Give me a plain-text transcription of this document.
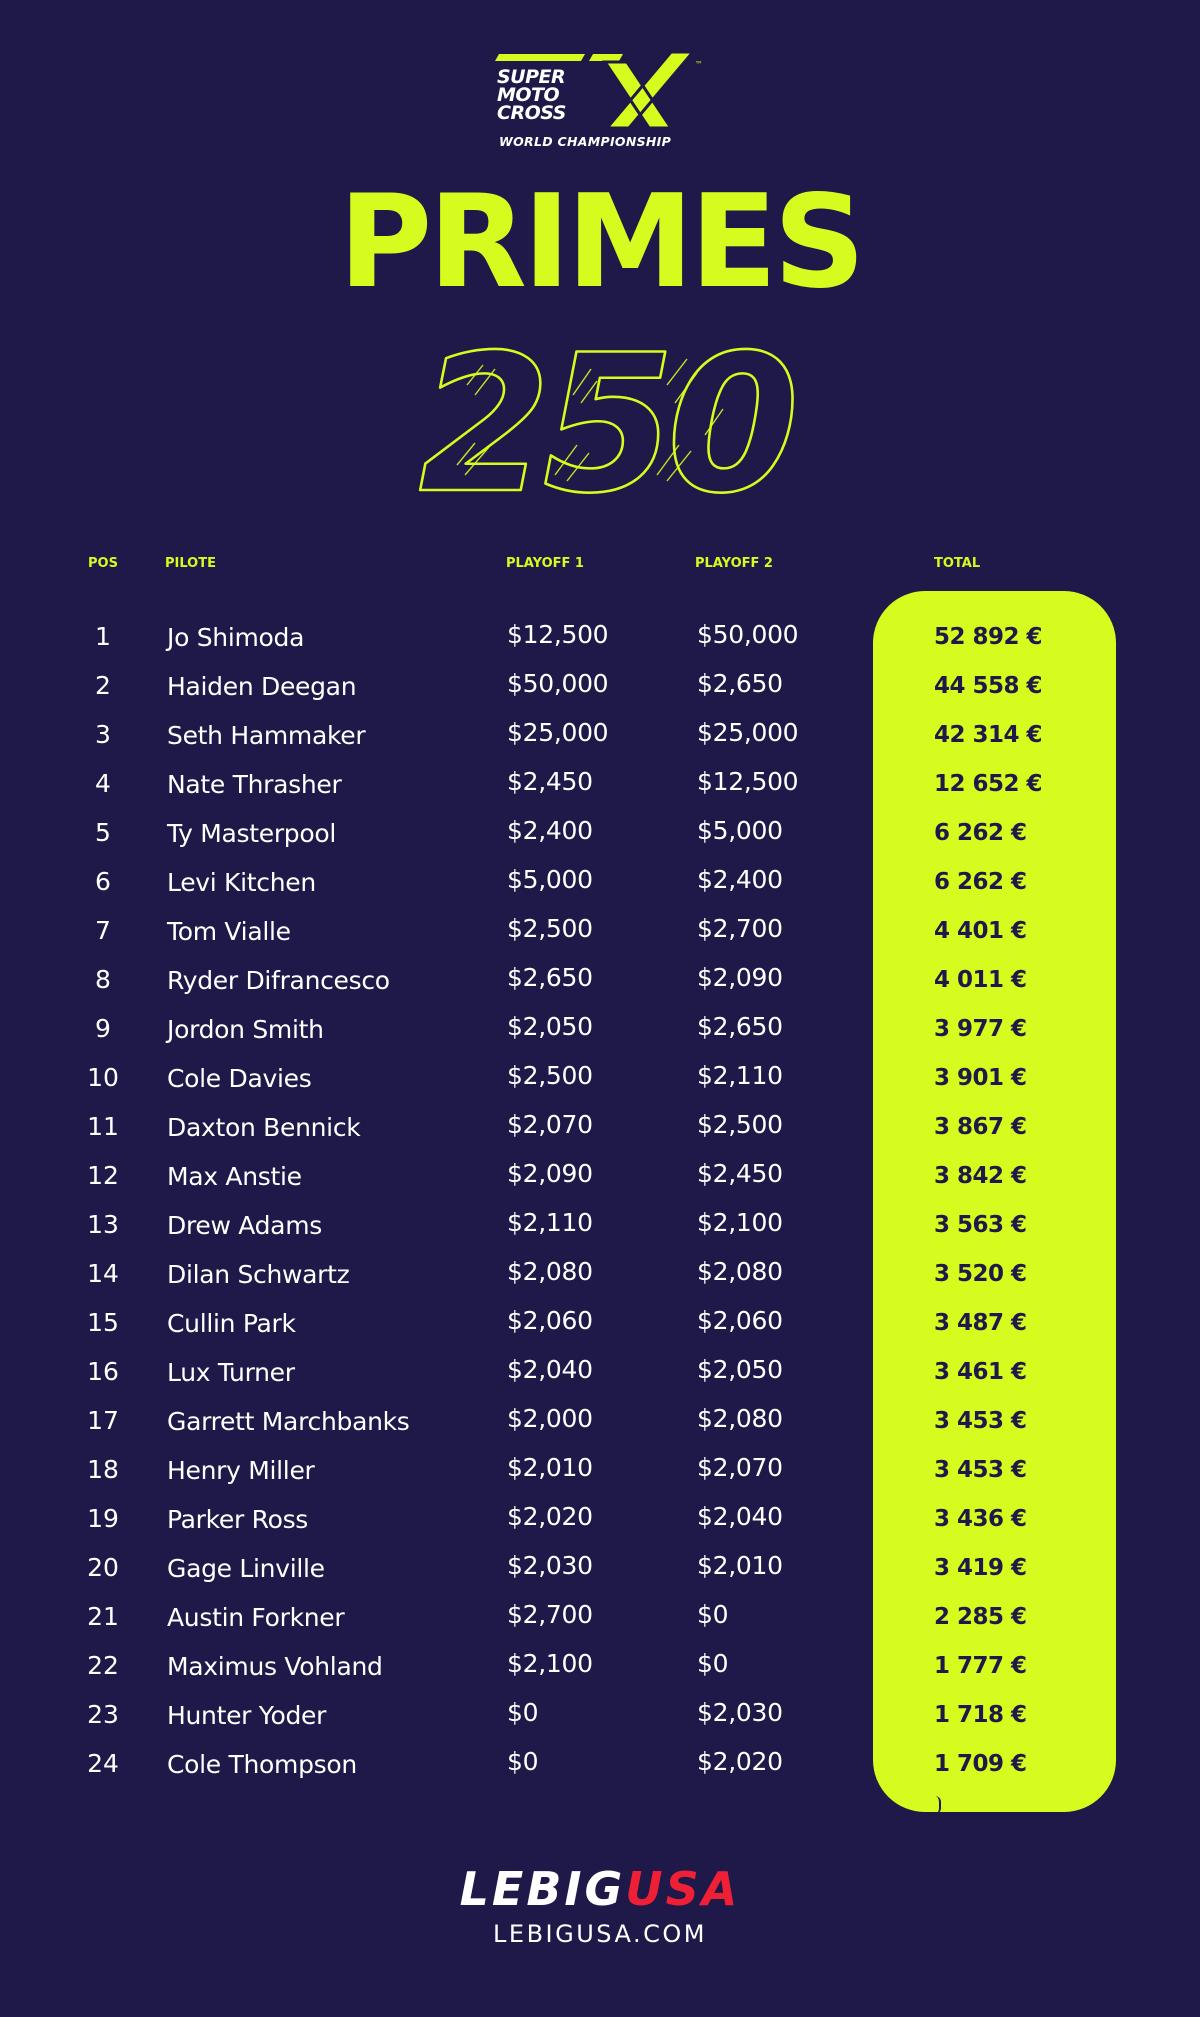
™
SUPER
MOTO
CROSS
WORLD CHAMPIONSHIP
PRIMES
250
POS	PILOTE	PLAYOFF 1	PLAYOFF 2	TOTAL
1	Jo Shimoda	$12,500	$50,000	52 892 €
2	Haiden Deegan	$50,000	$2,650	44 558 €
3	Seth Hammaker	$25,000	$25,000	42 314 €
4	Nate Thrasher	$2,450	$12,500	12 652 €
5	Ty Masterpool	$2,400	$5,000	6 262 €
6	Levi Kitchen	$5,000	$2,400	6 262 €
7	Tom Vialle	$2,500	$2,700	4 401 €
8	Ryder Difrancesco	$2,650	$2,090	4 011 €
9	Jordon Smith	$2,050	$2,650	3 977 €
10	Cole Davies	$2,500	$2,110	3 901 €
11	Daxton Bennick	$2,070	$2,500	3 867 €
12	Max Anstie	$2,090	$2,450	3 842 €
13	Drew Adams	$2,110	$2,100	3 563 €
14	Dilan Schwartz	$2,080	$2,080	3 520 €
15	Cullin Park	$2,060	$2,060	3 487 €
16	Lux Turner	$2,040	$2,050	3 461 €
17	Garrett Marchbanks	$2,000	$2,080	3 453 €
18	Henry Miller	$2,010	$2,070	3 453 €
19	Parker Ross	$2,020	$2,040	3 436 €
20	Gage Linville	$2,030	$2,010	3 419 €
21	Austin Forkner	$2,700	$0	2 285 €
22	Maximus Vohland	$2,100	$0	1 777 €
23	Hunter Yoder	$0	$2,030	1 718 €
24	Cole Thompson	$0	$2,020	1 709 €
LEBIGUSA
LEBIGUSA.COM
